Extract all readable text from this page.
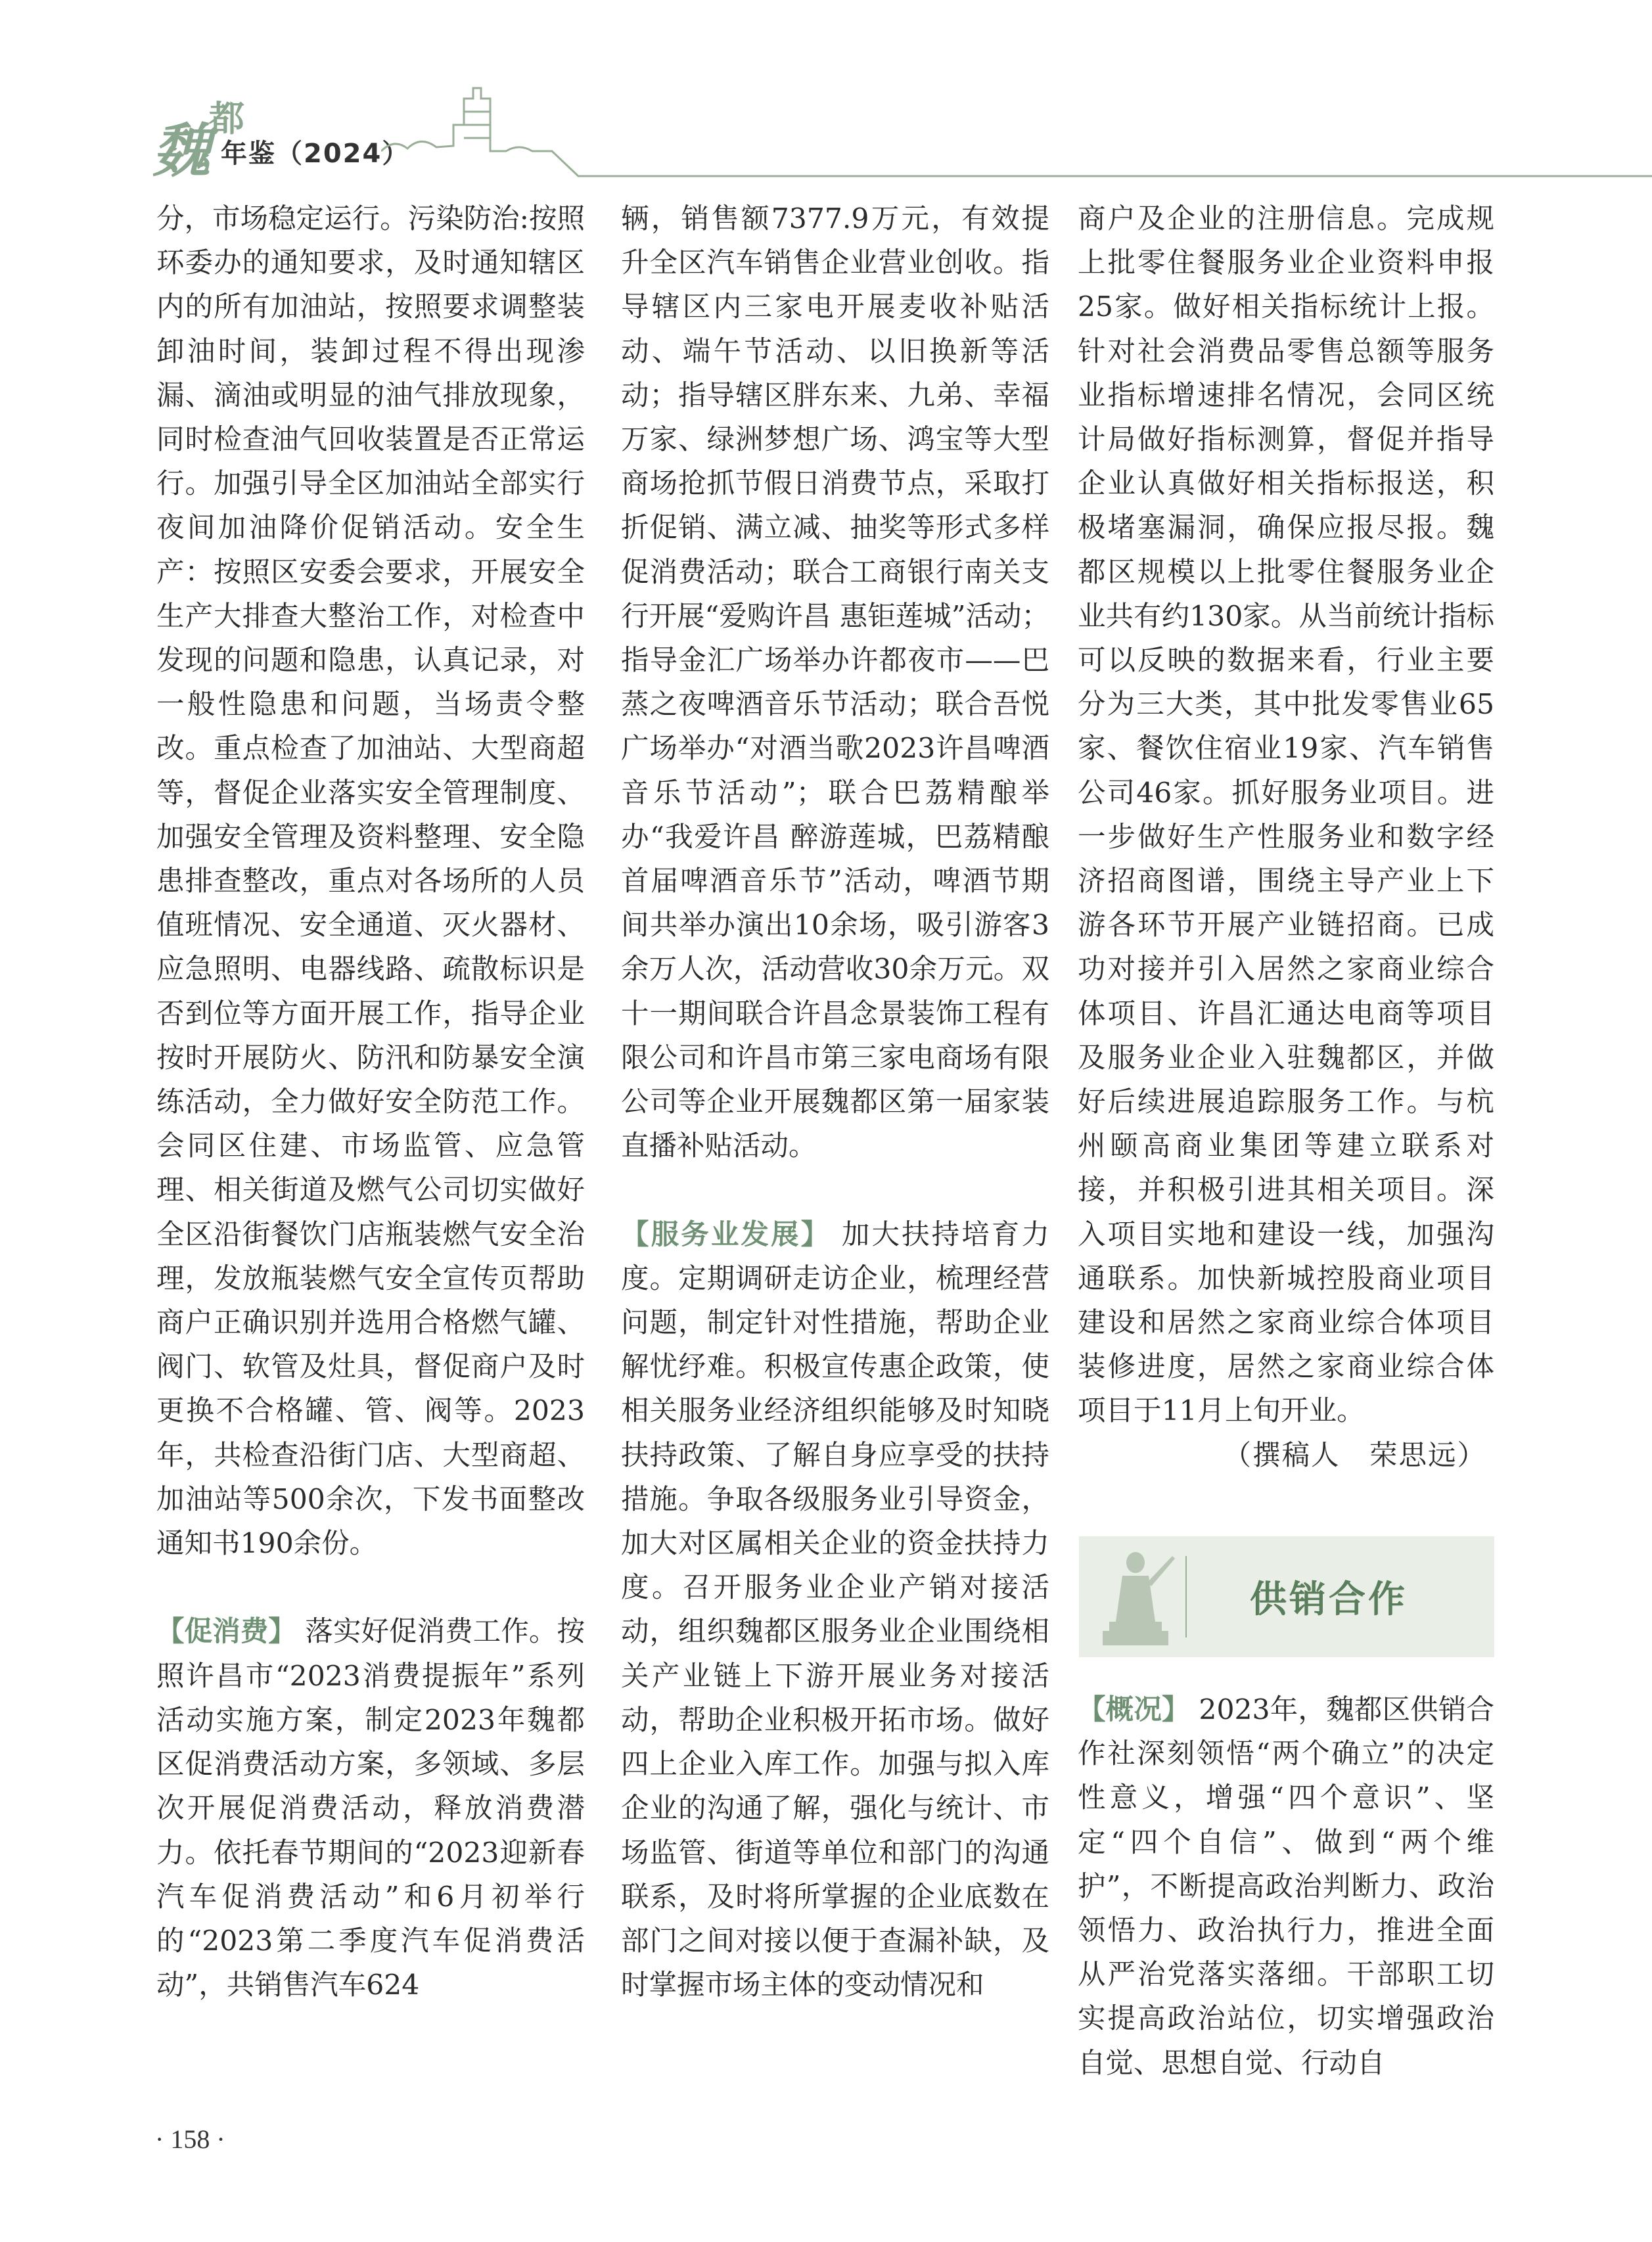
魏
都
年鉴（2024）

分，市场稳定运行。污染防治:按照环委办的通知要求，及时通知辖区内的所有加油站，按照要求调整装卸油时间，装卸过程不得出现渗漏、滴油或明显的油气排放现象，同时检查油气回收装置是否正常运行。加强引导全区加油站全部实行夜间加油降价促销活动。安全生产：按照区安委会要求，开展安全生产大排查大整治工作，对检查中发现的问题和隐患，认真记录，对一般性隐患和问题，当场责令整改。重点检查了加油站、大型商超等，督促企业落实安全管理制度、加强安全管理及资料整理、安全隐患排查整改，重点对各场所的人员值班情况、安全通道、灭火器材、应急照明、电器线路、疏散标识是否到位等方面开展工作，指导企业按时开展防火、防汛和防暴安全演练活动，全力做好安全防范工作。会同区住建、市场监管、应急管理、相关街道及燃气公司切实做好全区沿街餐饮门店瓶装燃气安全治理，发放瓶装燃气安全宣传页帮助商户正确识别并选用合格燃气罐、阀门、软管及灶具，督促商户及时更换不合格罐、管、阀等。2023年，共检查沿街门店、大型商超、加油站等500余次，下发书面整改通知书190余份。

【促消费】 落实好促消费工作。按照许昌市“2023消费提振年”系列活动实施方案，制定2023年魏都区促消费活动方案，多领域、多层次开展促消费活动，释放消费潜力。依托春节期间的“2023迎新春汽车促消费活动”和6月初举行的“2023第二季度汽车促消费活动”，共销售汽车624

辆，销售额7377.9万元，有效提升全区汽车销售企业营业创收。指导辖区内三家电开展麦收补贴活动、端午节活动、以旧换新等活动；指导辖区胖东来、九弟、幸福万家、绿洲梦想广场、鸿宝等大型商场抢抓节假日消费节点，采取打折促销、满立减、抽奖等形式多样促消费活动；联合工商银行南关支行开展“爱购许昌 惠钜莲城”活动；指导金汇广场举办许都夜市——巴蒸之夜啤酒音乐节活动；联合吾悦广场举办“对酒当歌2023许昌啤酒音乐节活动”；联合巴荔精酿举办“我爱许昌 醉游莲城，巴荔精酿首届啤酒音乐节”活动，啤酒节期间共举办演出10余场，吸引游客3余万人次，活动营收30余万元。双十一期间联合许昌念景装饰工程有限公司和许昌市第三家电商场有限公司等企业开展魏都区第一届家装直播补贴活动。

【服务业发展】 加大扶持培育力度。定期调研走访企业，梳理经营问题，制定针对性措施，帮助企业解忧纾难。积极宣传惠企政策，使相关服务业经济组织能够及时知晓扶持政策、了解自身应享受的扶持措施。争取各级服务业引导资金，加大对区属相关企业的资金扶持力度。召开服务业企业产销对接活动，组织魏都区服务业企业围绕相关产业链上下游开展业务对接活动，帮助企业积极开拓市场。做好四上企业入库工作。加强与拟入库企业的沟通了解，强化与统计、市场监管、街道等单位和部门的沟通联系，及时将所掌握的企业底数在部门之间对接以便于查漏补缺，及时掌握市场主体的变动情况和

商户及企业的注册信息。完成规上批零住餐服务业企业资料申报25家。做好相关指标统计上报。针对社会消费品零售总额等服务业指标增速排名情况，会同区统计局做好指标测算，督促并指导企业认真做好相关指标报送，积极堵塞漏洞，确保应报尽报。魏都区规模以上批零住餐服务业企业共有约130家。从当前统计指标可以反映的数据来看，行业主要分为三大类，其中批发零售业65家、餐饮住宿业19家、汽车销售公司46家。抓好服务业项目。进一步做好生产性服务业和数字经济招商图谱，围绕主导产业上下游各环节开展产业链招商。已成功对接并引入居然之家商业综合体项目、许昌汇通达电商等项目及服务业企业入驻魏都区，并做好后续进展追踪服务工作。与杭州颐高商业集团等建立联系对接，并积极引进其相关项目。深入项目实地和建设一线，加强沟通联系。加快新城控股商业项目建设和居然之家商业综合体项目装修进度，居然之家商业综合体项目于11月上旬开业。

（撰稿人　荣思远）

【概况】 2023年，魏都区供销合作社深刻领悟“两个确立”的决定性意义，增强“四个意识”、坚定“四个自信”、做到“两个维护”，不断提高政治判断力、政治领悟力、政治执行力，推进全面从严治党落实落细。干部职工切实提高政治站位，切实增强政治自觉、思想自觉、行动自

供销合作
· 158 ·
